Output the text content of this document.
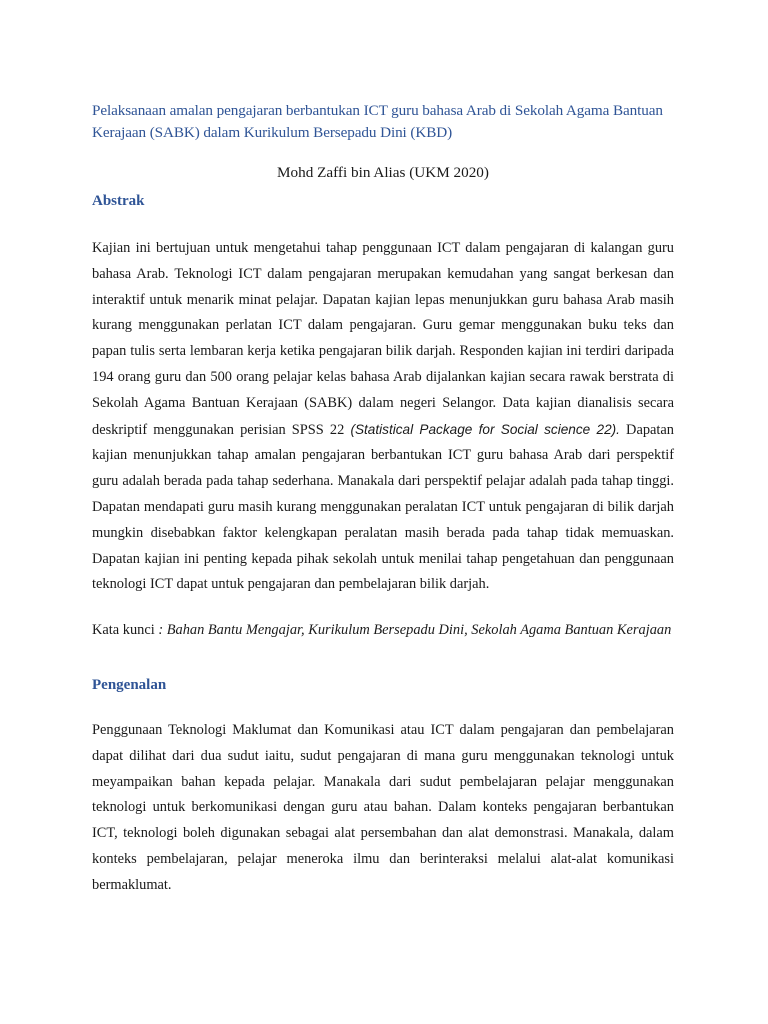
Pelaksanaan amalan pengajaran berbantukan ICT guru bahasa Arab di Sekolah Agama Bantuan Kerajaan (SABK) dalam Kurikulum Bersepadu Dini (KBD)
Mohd Zaffi bin Alias (UKM 2020)
Abstrak

Kajian ini bertujuan untuk mengetahui tahap penggunaan ICT dalam pengajaran di kalangan guru bahasa Arab. Teknologi ICT dalam pengajaran merupakan kemudahan yang sangat berkesan dan interaktif untuk menarik minat pelajar. Dapatan kajian lepas menunjukkan guru bahasa Arab masih kurang menggunakan perlatan ICT dalam pengajaran. Guru gemar menggunakan buku teks dan papan tulis serta lembaran kerja ketika pengajaran bilik darjah. Responden kajian ini terdiri daripada 194 orang guru dan 500 orang pelajar kelas bahasa Arab dijalankan kajian secara rawak berstrata di Sekolah Agama Bantuan Kerajaan (SABK) dalam negeri Selangor. Data kajian dianalisis secara deskriptif menggunakan perisian SPSS 22 (Statistical Package for Social science 22). Dapatan kajian menunjukkan tahap amalan pengajaran berbantukan ICT guru bahasa Arab dari perspektif guru adalah berada pada tahap sederhana. Manakala dari perspektif pelajar adalah pada tahap tinggi. Dapatan mendapati guru masih kurang menggunakan peralatan ICT untuk pengajaran di bilik darjah mungkin disebabkan faktor kelengkapan peralatan masih berada pada tahap tidak memuaskan. Dapatan kajian ini penting kepada pihak sekolah untuk menilai tahap pengetahuan dan penggunaan teknologi ICT dapat untuk pengajaran dan pembelajaran bilik darjah.

Kata kunci : Bahan Bantu Mengajar, Kurikulum Bersepadu Dini, Sekolah Agama Bantuan Kerajaan

Pengenalan

Penggunaan Teknologi Maklumat dan Komunikasi atau ICT dalam pengajaran dan pembelajaran dapat dilihat dari dua sudut iaitu, sudut pengajaran di mana guru menggunakan teknologi untuk meyampaikan bahan kepada pelajar. Manakala dari sudut pembelajaran pelajar menggunakan teknologi untuk berkomunikasi dengan guru atau bahan. Dalam konteks pengajaran berbantukan ICT, teknologi boleh digunakan sebagai alat persembahan dan alat demonstrasi. Manakala, dalam konteks pembelajaran, pelajar meneroka ilmu dan berinteraksi melalui alat-alat komunikasi bermaklumat.
